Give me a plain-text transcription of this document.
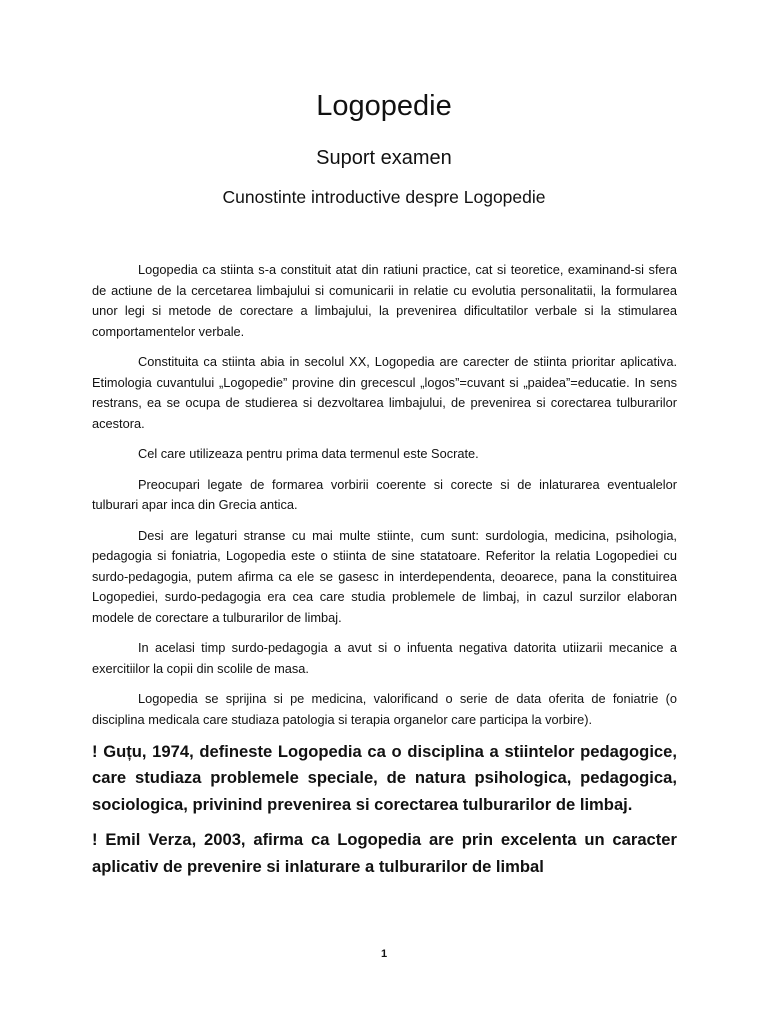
Logopedie
Suport examen
Cunostinte introductive despre Logopedie

Logopedia ca stiinta s-a constituit atat din ratiuni practice, cat si teoretice, examinand-si sfera de actiune de la cercetarea limbajului si comunicarii in relatie cu evolutia personalitatii, la formularea unor legi si metode de corectare a limbajului, la prevenirea dificultatilor verbale si la stimularea comportamentelor verbale.

Constituita ca stiinta abia in secolul XX, Logopedia are carecter de stiinta prioritar aplicativa. Etimologia cuvantului „Logopedie” provine din grecescul „logos”=cuvant si „paidea”=educatie. In sens restrans, ea se ocupa de studierea si dezvoltarea limbajului, de prevenirea si corectarea tulburarilor acestora.

Cel care utilizeaza pentru prima data termenul este Socrate.

Preocupari legate de formarea vorbirii coerente si corecte si de inlaturarea eventualelor tulburari apar inca din Grecia antica.

Desi are legaturi stranse cu mai multe stiinte, cum sunt: surdologia, medicina, psihologia, pedagogia si foniatria, Logopedia este o stiinta de sine statatoare. Referitor la relatia Logopediei cu surdo-pedagogia, putem afirma ca ele se gasesc in interdependenta, deoarece, pana la constituirea Logopediei, surdo-pedagogia era cea care studia problemele de limbaj, in cazul surzilor elaboran modele de corectare a tulburarilor de limbaj.

In acelasi timp surdo-pedagogia a avut si o infuenta negativa datorita utiizarii mecanice a exercitiilor la copii din scolile de masa.

Logopedia se sprijina si pe medicina, valorificand o serie de data oferita de foniatrie (o disciplina medicala care studiaza patologia si terapia organelor care participa la vorbire).

! Guțu, 1974, defineste Logopedia ca o disciplina a stiintelor pedagogice, care studiaza problemele speciale, de natura psihologica, pedagogica, sociologica, privinind prevenirea si corectarea tulburarilor de limbaj.

! Emil Verza, 2003, afirma ca Logopedia are prin excelenta un caracter aplicativ de prevenire si inlaturare a tulburarilor de limbal

1
